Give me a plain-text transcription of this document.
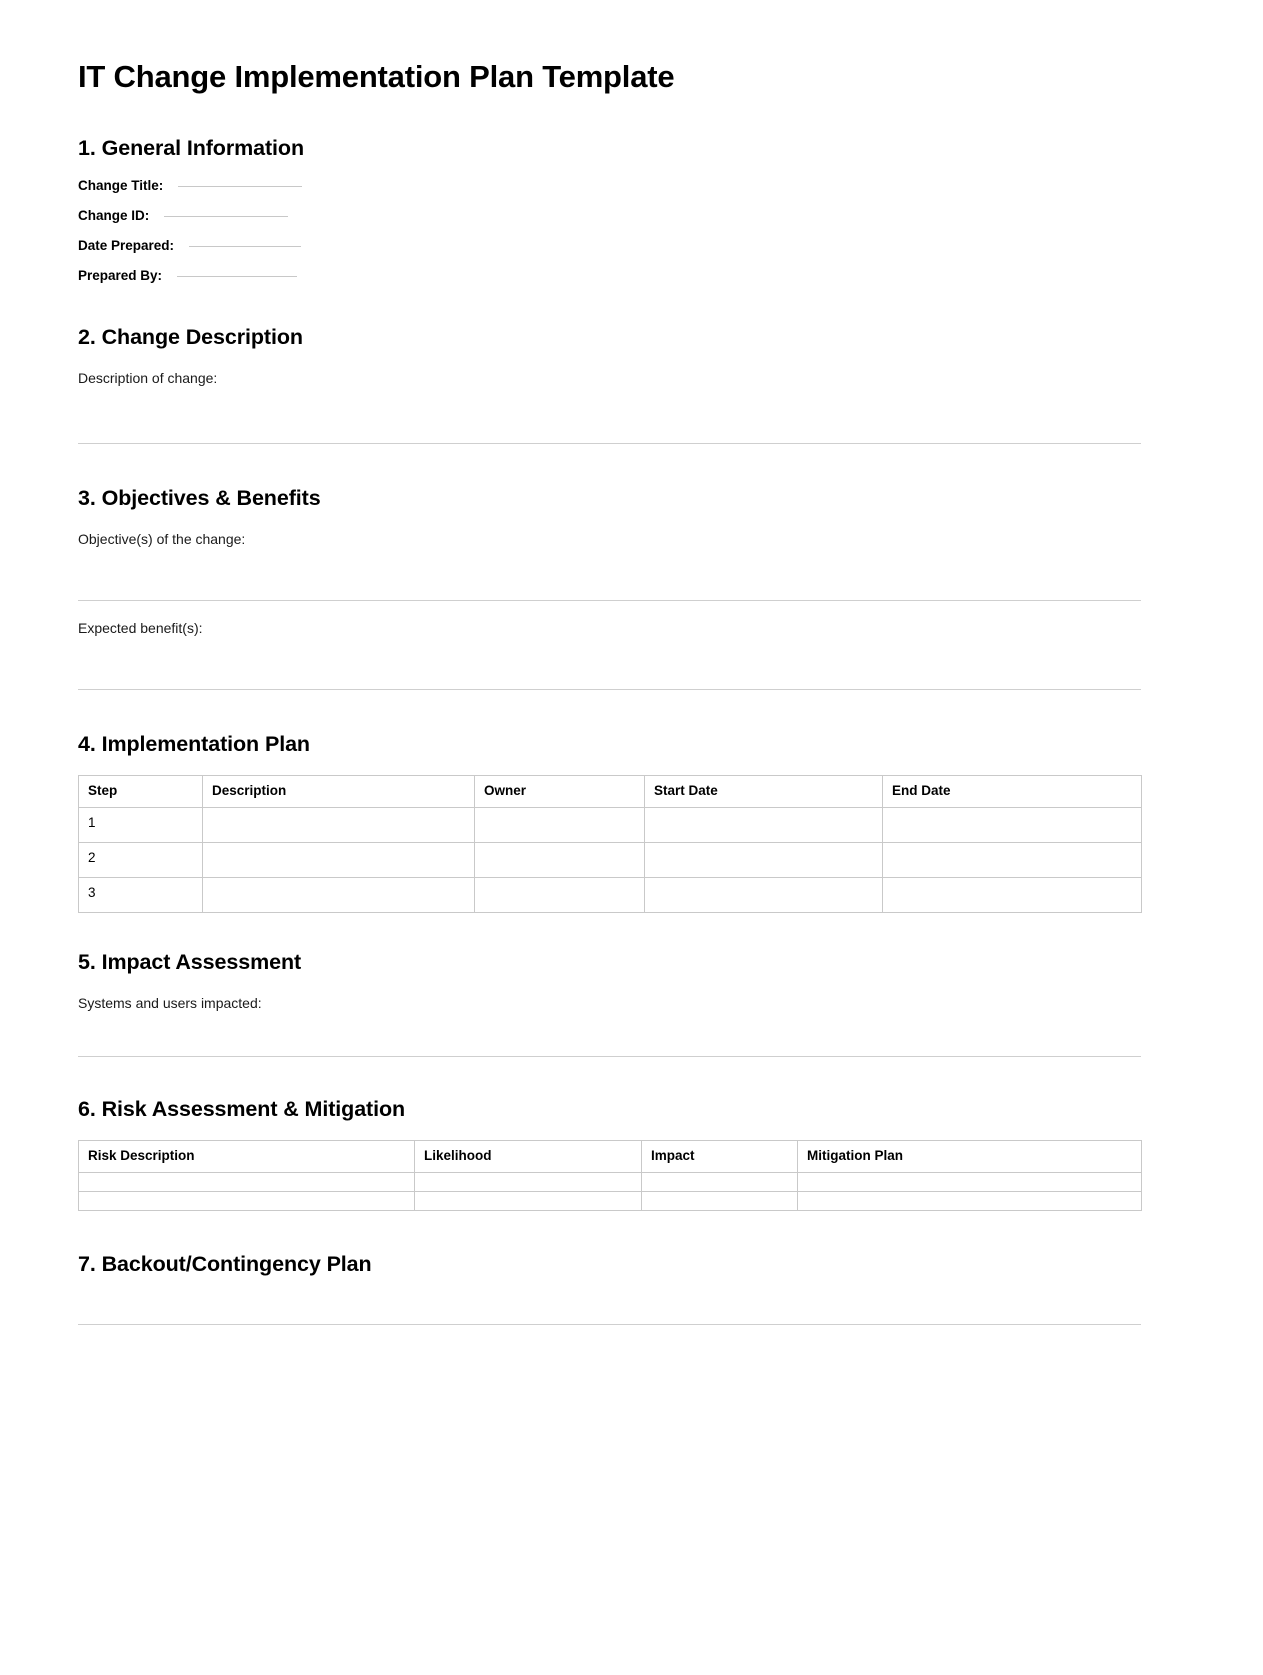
IT Change Implementation Plan Template
1. General Information
Change Title:
Change ID:
Date Prepared:
Prepared By:
2. Change Description

Description of change:

3. Objectives & Benefits

Objective(s) of the change:

Expected benefit(s):

4. Implementation Plan
Step	Description	Owner	Start Date	End Date
1				
2				
3				
5. Impact Assessment

Systems and users impacted:

6. Risk Assessment & Mitigation
Risk Description	Likelihood	Impact	Mitigation Plan

7. Backout/Contingency Plan
